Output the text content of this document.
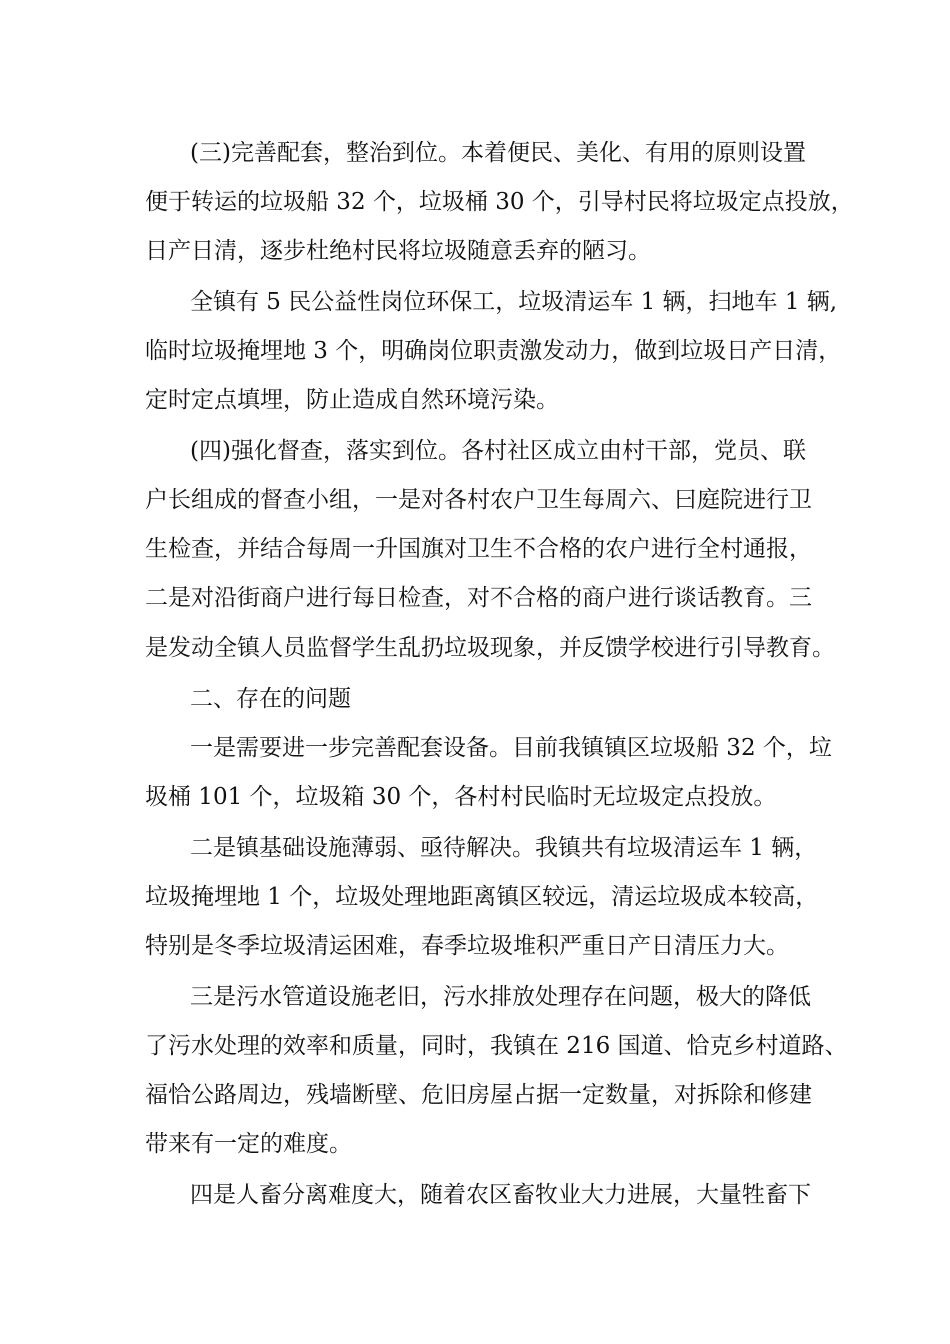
(三)完善配套，整治到位。本着便民、美化、有用的原则设置
便于转运的垃圾船 32 个，垃圾桶 30 个，引导村民将垃圾定点投放，
日产日清，逐步杜绝村民将垃圾随意丢弃的陋习。
全镇有 5 民公益性岗位环保工，垃圾清运车 1 辆，扫地车 1 辆,
临时垃圾掩埋地 3 个，明确岗位职责激发动力，做到垃圾日产日清，
定时定点填埋，防止造成自然环境污染。
(四)强化督查，落实到位。各村社区成立由村干部，党员、联
户长组成的督查小组，一是对各村农户卫生每周六、曰庭院进行卫
生检查，并结合每周一升国旗对卫生不合格的农户进行全村通报，
二是对沿街商户进行每日检查，对不合格的商户进行谈话教育。三
是发动全镇人员监督学生乱扔垃圾现象，并反馈学校进行引导教育。
二、存在的问题
一是需要进一步完善配套设备。目前我镇镇区垃圾船 32 个，垃
圾桶 101 个，垃圾箱 30 个，各村村民临时无垃圾定点投放。
二是镇基础设施薄弱、亟待解决。我镇共有垃圾清运车 1 辆，
垃圾掩埋地 1 个，垃圾处理地距离镇区较远，清运垃圾成本较高，
特别是冬季垃圾清运困难，春季垃圾堆积严重日产日清压力大。
三是污水管道设施老旧，污水排放处理存在问题，极大的降低
了污水处理的效率和质量，同时，我镇在 216 国道、恰克乡村道路、
福恰公路周边，残墙断壁、危旧房屋占据一定数量，对拆除和修建
带来有一定的难度。
四是人畜分离难度大，随着农区畜牧业大力进展，大量牲畜下
